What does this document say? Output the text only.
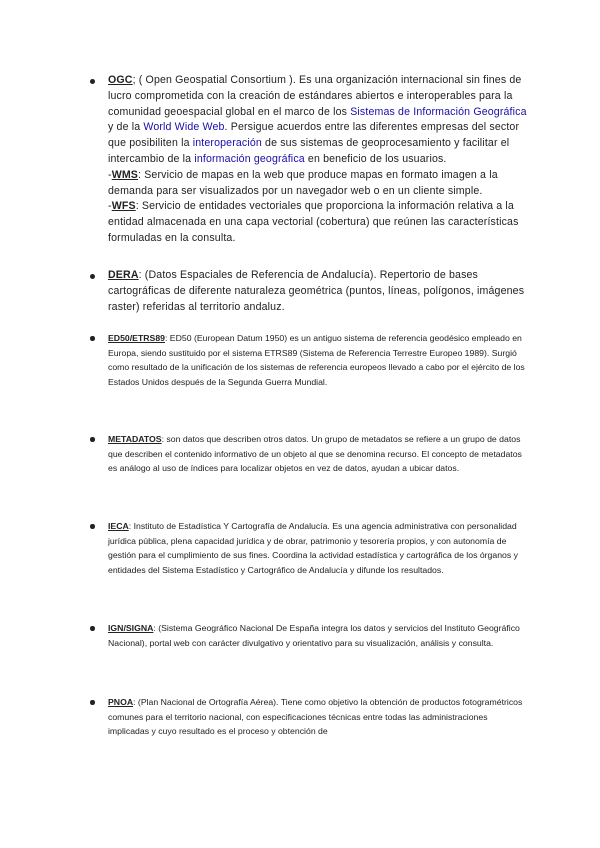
OGC; ( Open Geospatial Consortium ). Es una organización internacional sin fines de lucro comprometida con la creación de estándares abiertos e interoperables para la comunidad geoespacial global en el marco de los Sistemas de Información Geográfica y de la World Wide Web. Persigue acuerdos entre las diferentes empresas del sector que posibiliten la interoperación de sus sistemas de geoprocesamiento y facilitar el intercambio de la información geográfica en beneficio de los usuarios.
-WMS: Servicio de mapas en la web que produce mapas en formato imagen a la demanda para ser visualizados por un navegador web o en un cliente simple.
-WFS: Servicio de entidades vectoriales que proporciona la información relativa a la entidad almacenada en una capa vectorial (cobertura) que reúnen las características formuladas en la consulta.
DERA: (Datos Espaciales de Referencia de Andalucía). Repertorio de bases cartográficas de diferente naturaleza geométrica (puntos, líneas, polígonos, imágenes raster) referidas al territorio andaluz.
ED50/ETRS89: ED50 (European Datum 1950) es un antiguo sistema de referencia geodésico empleado en Europa, siendo sustituido por el sistema ETRS89 (Sistema de Referencia Terrestre Europeo 1989). Surgió como resultado de la unificación de los sistemas de referencia europeos llevado a cabo por el ejército de los Estados Unidos después de la Segunda Guerra Mundial.
METADATOS: son datos que describen otros datos. Un grupo de metadatos se refiere a un grupo de datos que describen el contenido informativo de un objeto al que se denomina recurso. El concepto de metadatos es análogo al uso de índices para localizar objetos en vez de datos, ayudan a ubicar datos.
IECA: Instituto de Estadística Y Cartografía de Andalucía. Es una agencia administrativa con personalidad jurídica pública, plena capacidad jurídica y de obrar, patrimonio y tesorería propios, y con autonomía de gestión para el cumplimiento de sus fines. Coordina la actividad estadística y cartográfica de los órganos y entidades del Sistema Estadístico y Cartográfico de Andalucía y difunde los resultados.
IGN/SIGNA: (Sistema Geográfico Nacional De España integra los datos y servicios del Instituto Geográfico Nacional), portal web con carácter divulgativo y orientativo para su visualización, análisis y consulta.
PNOA: (Plan Nacional de Ortografía Aérea). Tiene como objetivo la obtención de productos fotogramétricos comunes para el territorio nacional, con especificaciones técnicas entre todas las administraciones implicadas y cuyo resultado es el proceso y obtención de
